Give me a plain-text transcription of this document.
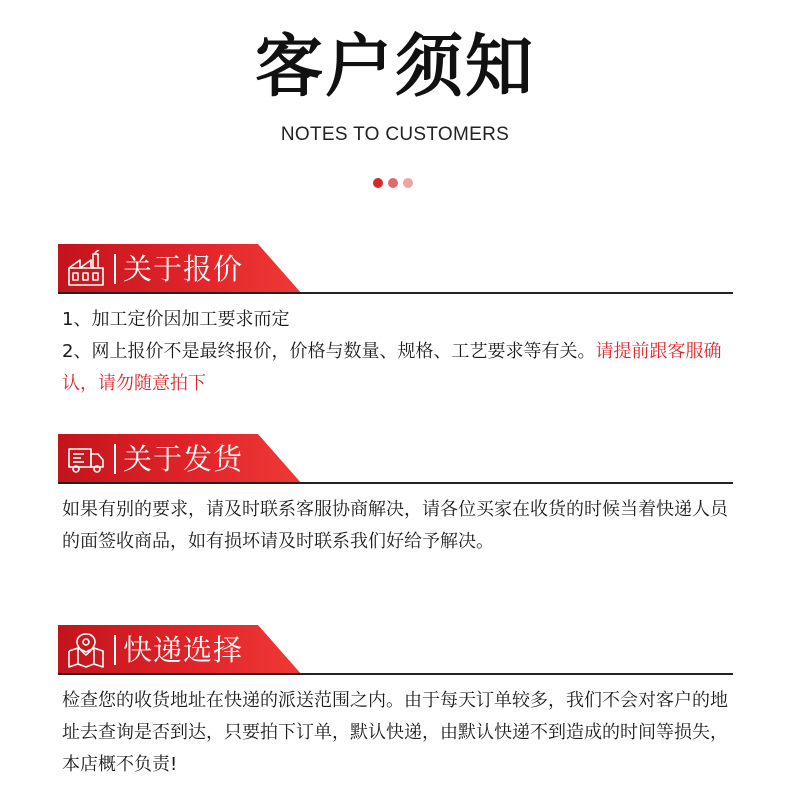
客户须知
NOTES TO CUSTOMERS
关于报价

1、加工定价因加工要求而定

2、网上报价不是最终报价，价格与数量、规格、工艺要求等有关。请提前跟客服确认，请勿随意拍下

关于发货
如果有别的要求，请及时联系客服协商解决，请各位买家在收货的时候当着快递人员的面签收商品，如有损坏请及时联系我们好给予解决。
快递选择
检查您的收货地址在快递的派送范围之内。由于每天订单较多，我们不会对客户的地址去查询是否到达，只要拍下订单，默认快递，由默认快递不到造成的时间等损失，本店概不负责!
